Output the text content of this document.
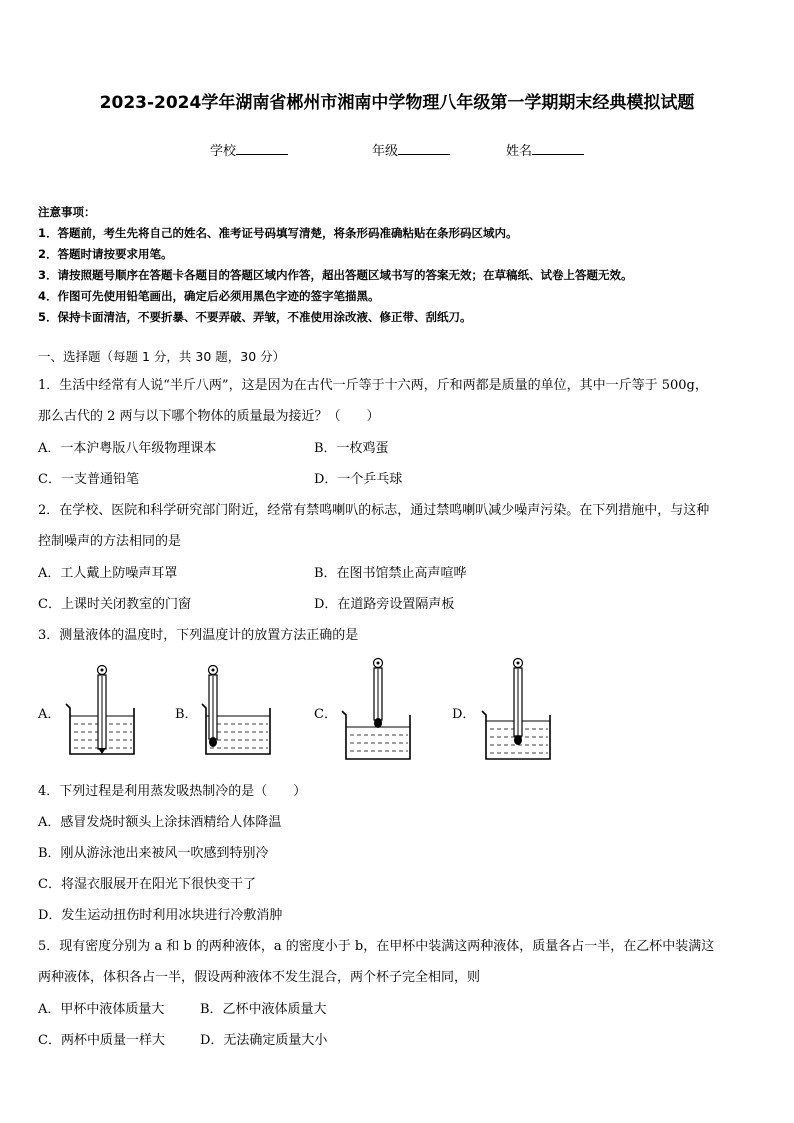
2023-2024学年湖南省郴州市湘南中学物理八年级第一学期期末经典模拟试题
学校	年级	姓名
注意事项：
1．答题前，考生先将自己的姓名、准考证号码填写清楚，将条形码准确粘贴在条形码区域内。
2．答题时请按要求用笔。
3．请按照题号顺序在答题卡各题目的答题区域内作答，超出答题区域书写的答案无效；在草稿纸、试卷上答题无效。
4．作图可先使用铅笔画出，确定后必须用黑色字迹的签字笔描黑。
5．保持卡面清洁，不要折暴、不要弄破、弄皱，不准使用涂改液、修正带、刮纸刀。
一、选择题（每题 1 分，共 30 题，30 分）
1．生活中经常有人说“半斤八两”，这是因为在古代一斤等于十六两，斤和两都是质量的单位，其中一斤等于 500g，
那么古代的 2 两与以下哪个物体的质量最为接近？（　　）
A．一本沪粤版八年级物理课本	B．一枚鸡蛋
C．一支普通铅笔	D．一个乒乓球
2．在学校、医院和科学研究部门附近，经常有禁鸣喇叭的标志，通过禁鸣喇叭减少噪声污染。在下列措施中，与这种
控制噪声的方法相同的是
A．工人戴上防噪声耳罩	B．在图书馆禁止高声喧哗
C．上课时关闭教室的门窗	D．在道路旁设置隔声板
3．测量液体的温度时，下列温度计的放置方法正确的是
A．	B．	C．	D．
4．下列过程是利用蒸发吸热制冷的是（　　）
A．感冒发烧时额头上涂抹酒精给人体降温
B．刚从游泳池出来被风一吹感到特别冷
C．将湿衣服展开在阳光下很快变干了
D．发生运动扭伤时利用冰块进行冷敷消肿
5．现有密度分别为 a 和 b 的两种液体，a 的密度小于 b，在甲杯中装满这两种液体，质量各占一半，在乙杯中装满这
两种液体，体积各占一半，假设两种液体不发生混合，两个杯子完全相同，则
A．甲杯中液体质量大	B．乙杯中液体质量大
C．两杯中质量一样大	D．无法确定质量大小
